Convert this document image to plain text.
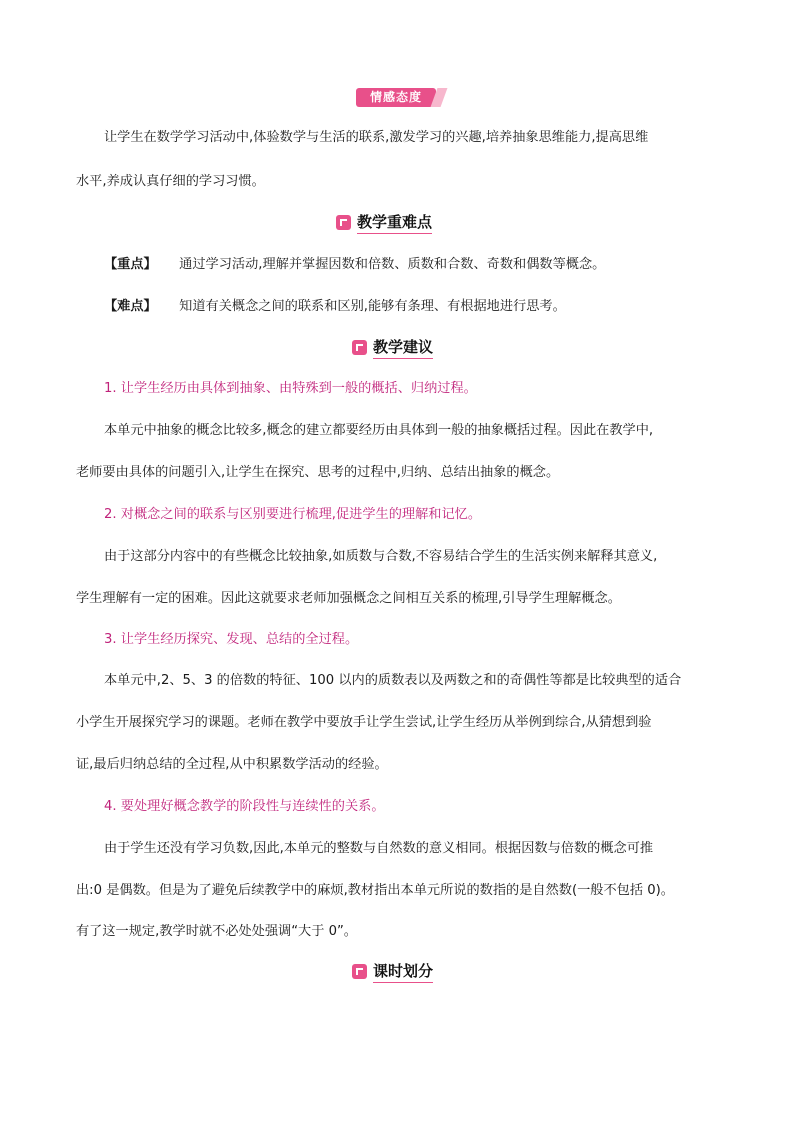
情感态度
让学生在数学学习活动中,体验数学与生活的联系,激发学习的兴趣,培养抽象思维能力,提高思维
水平,养成认真仔细的学习习惯。
教学重难点
【重点】 通过学习活动,理解并掌握因数和倍数、质数和合数、奇数和偶数等概念。
【难点】 知道有关概念之间的联系和区别,能够有条理、有根据地进行思考。
教学建议
1. 让学生经历由具体到抽象、由特殊到一般的概括、归纳过程。
本单元中抽象的概念比较多,概念的建立都要经历由具体到一般的抽象概括过程。因此在教学中,
老师要由具体的问题引入,让学生在探究、思考的过程中,归纳、总结出抽象的概念。
2. 对概念之间的联系与区别要进行梳理,促进学生的理解和记忆。
由于这部分内容中的有些概念比较抽象,如质数与合数,不容易结合学生的生活实例来解释其意义,
学生理解有一定的困难。因此这就要求老师加强概念之间相互关系的梳理,引导学生理解概念。
3. 让学生经历探究、发现、总结的全过程。
本单元中,2、5、3 的倍数的特征、100 以内的质数表以及两数之和的奇偶性等都是比较典型的适合
小学生开展探究学习的课题。老师在教学中要放手让学生尝试,让学生经历从举例到综合,从猜想到验
证,最后归纳总结的全过程,从中积累数学活动的经验。
4. 要处理好概念教学的阶段性与连续性的关系。
由于学生还没有学习负数,因此,本单元的整数与自然数的意义相同。根据因数与倍数的概念可推
出:0 是偶数。但是为了避免后续教学中的麻烦,教材指出本单元所说的数指的是自然数(一般不包括 0)。
有了这一规定,教学时就不必处处强调“大于 0”。
课时划分
